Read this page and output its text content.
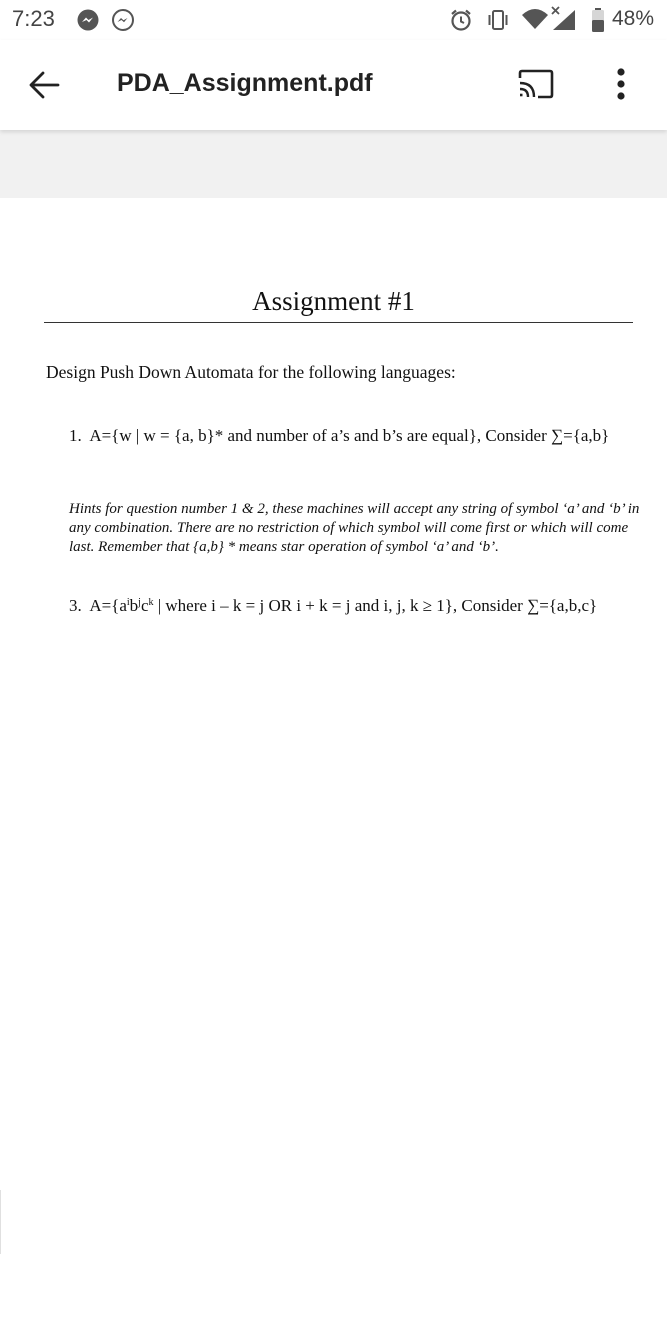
7:23	48%
PDA_Assignment.pdf
Assignment #1
Design Push Down Automata for the following languages:
1. A={w | w = {a, b}* and number of a’s and b’s are equal}, Consider ∑={a,b}
Hints for question number 1 & 2, these machines will accept any string of symbol ‘a’ and ‘b’ in any combination. There are no restriction of which symbol will come first or which will come last. Remember that {a,b} * means star operation of symbol ‘a’ and ‘b’.
3. $A=\{a^ib^jc^k$ | where i – k = j OR i + k = j and i, j, k ≥ 1}, Consider ∑={a,b,c}
